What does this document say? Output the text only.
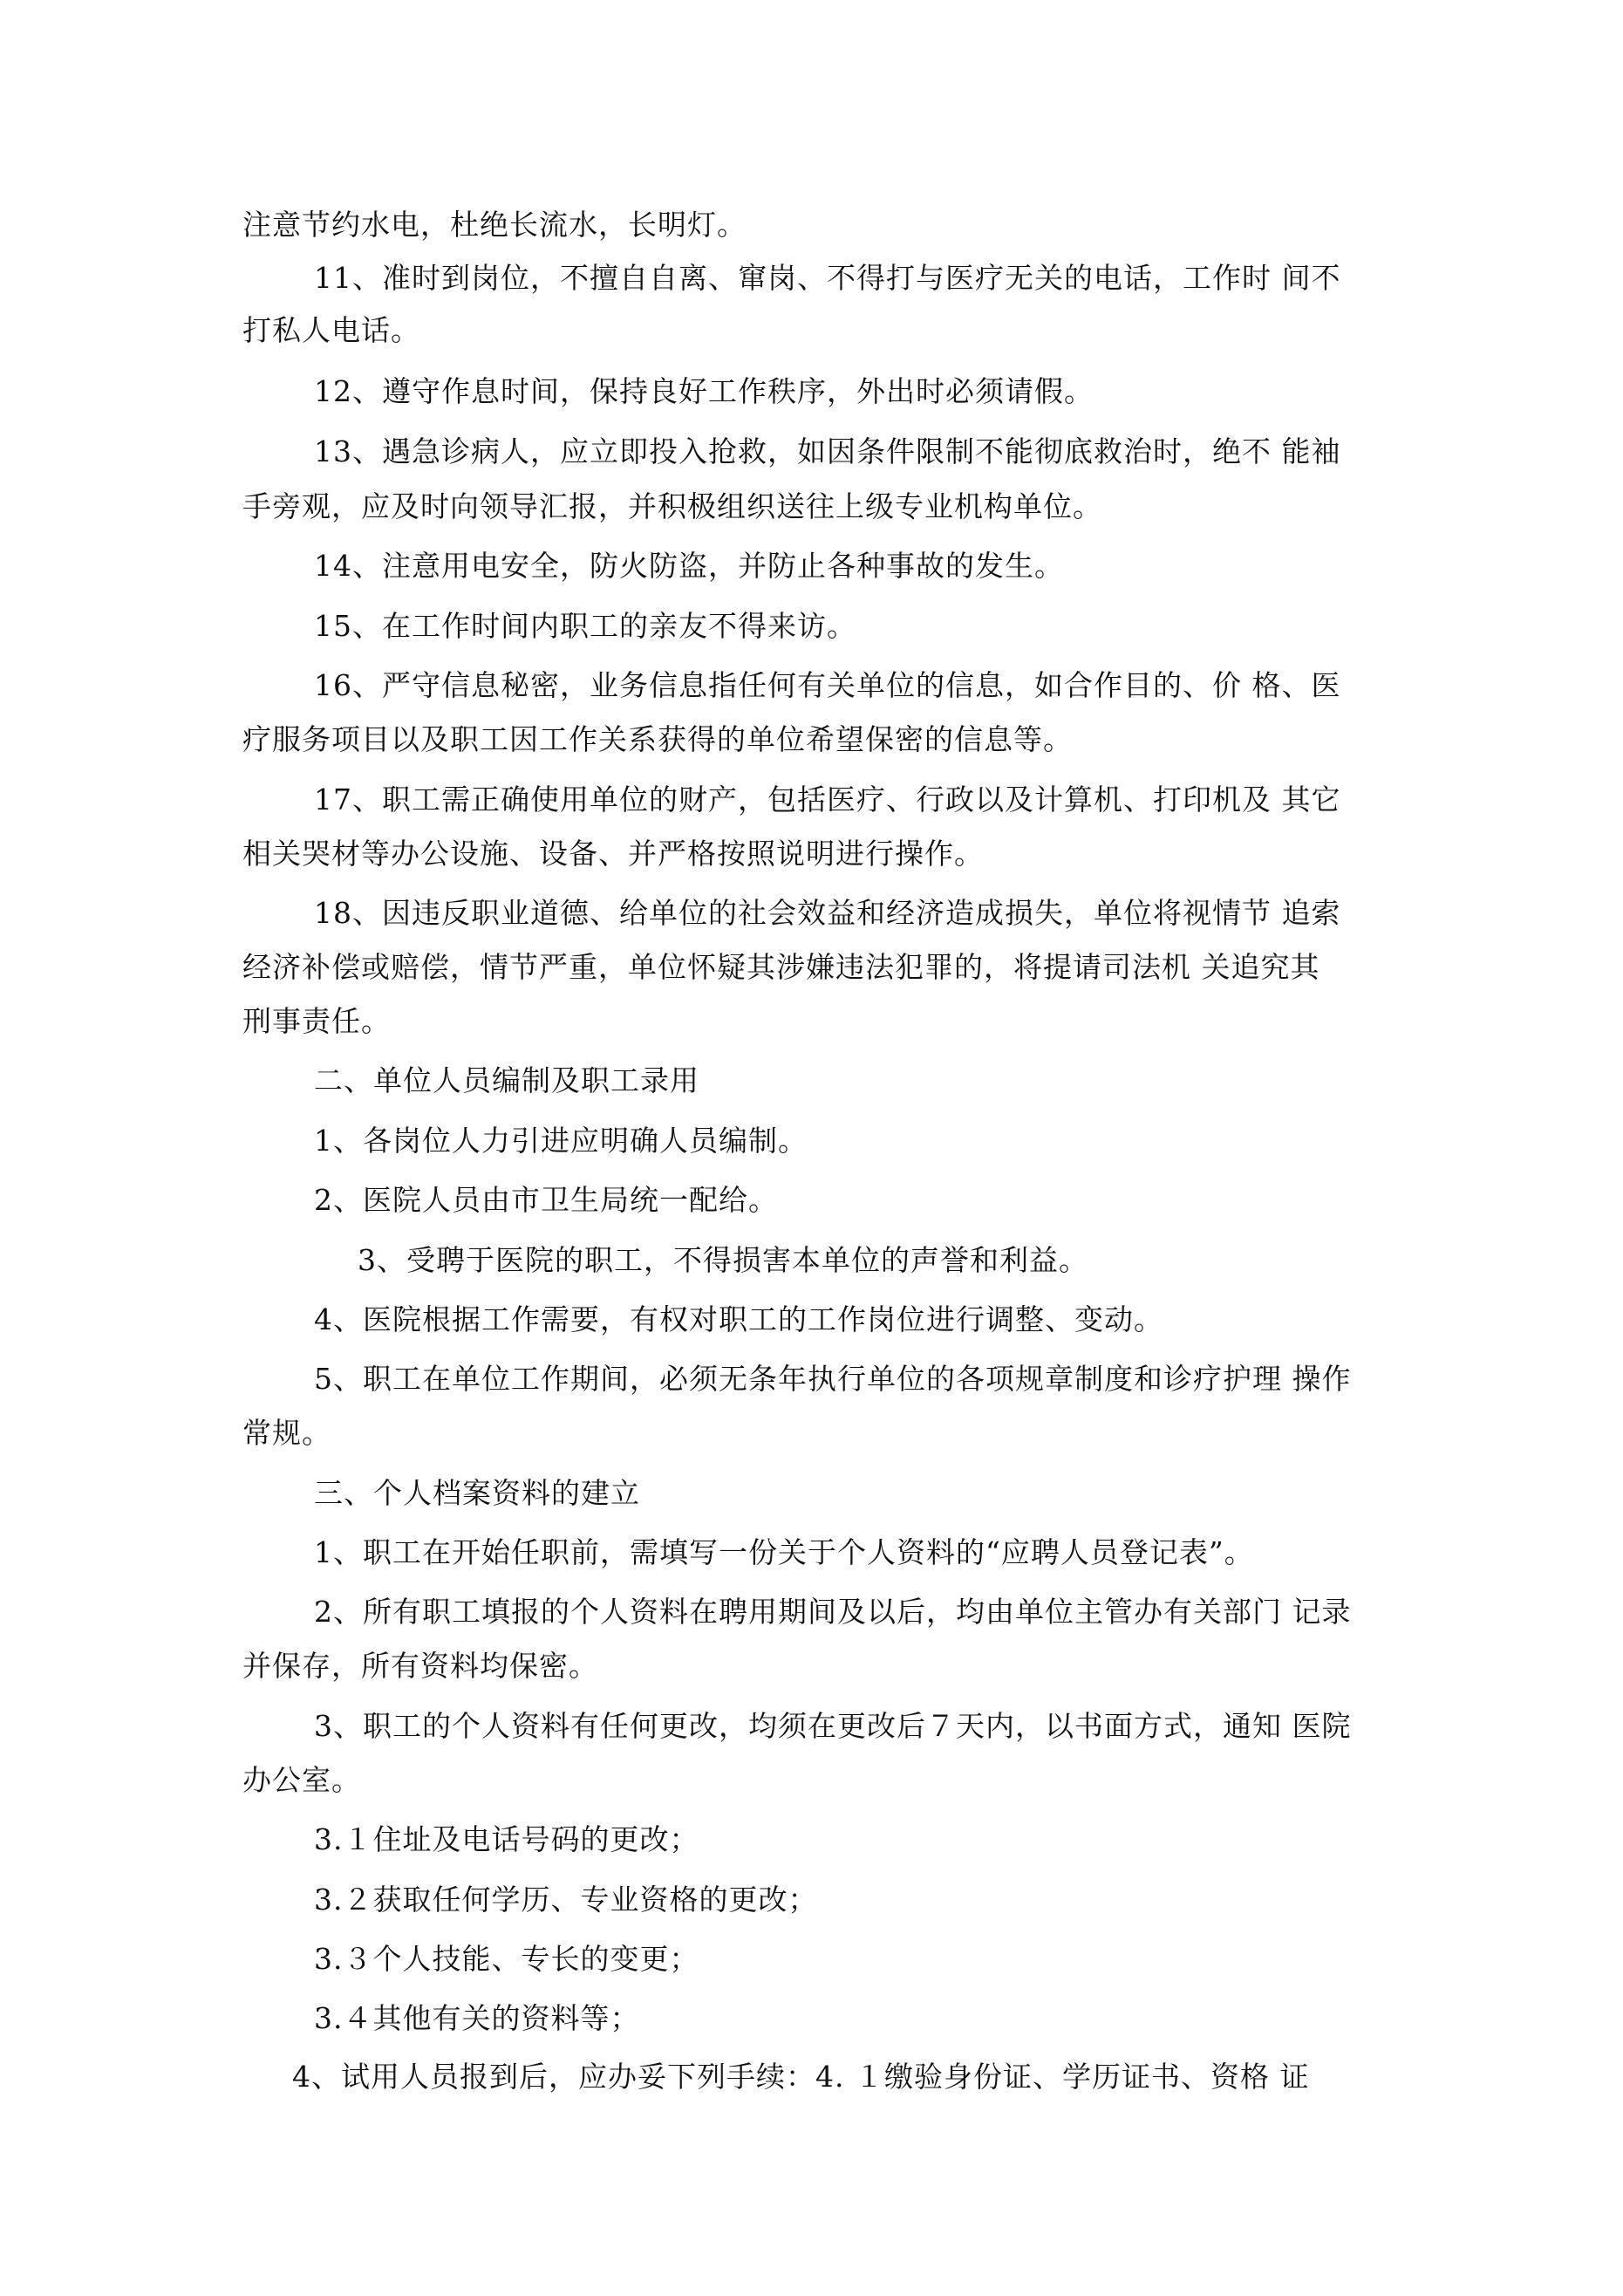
注意节约水电，杜绝长流水，长明灯。
11、准时到岗位，不擅自自离、窜岗、不得打与医疗无关的电话，工作时 间不
打私人电话。
12、遵守作息时间，保持良好工作秩序，外出时必须请假。
13、遇急诊病人，应立即投入抢救，如因条件限制不能彻底救治时，绝不 能袖
手旁观，应及时向领导汇报，并积极组织送往上级专业机构单位。
14、注意用电安全，防火防盗，并防止各种事故的发生。
15、在工作时间内职工的亲友不得来访。
16、严守信息秘密，业务信息指任何有关单位的信息，如合作目的、价 格、医
疗服务项目以及职工因工作关系获得的单位希望保密的信息等。
17、职工需正确使用单位的财产，包括医疗、行政以及计算机、打印机及 其它
相关哭材等办公设施、设备、并严格按照说明进行操作。
18、因违反职业道德、给单位的社会效益和经济造成损失，单位将视情节 追索
经济补偿或赔偿，情节严重，单位怀疑其涉嫌违法犯罪的，将提请司法机 关追究其
刑事责任。
二、单位人员编制及职工录用
1、各岗位人力引进应明确人员编制。
2、医院人员由市卫生局统一配给。
3、受聘于医院的职工，不得损害本单位的声誉和利益。
4、医院根据工作需要，有权对职工的工作岗位进行调整、变动。
5、职工在单位工作期间，必须无条年执行单位的各项规章制度和诊疗护理 操作
常规。
三、个人档案资料的建立
1、职工在开始任职前，需填写一份关于个人资料的“应聘人员登记表”。
2、所有职工填报的个人资料在聘用期间及以后，均由单位主管办有关部门 记录
并保存，所有资料均保密。
3、职工的个人资料有任何更改，均须在更改后７天内，以书面方式，通知 医院
办公室。
3.１住址及电话号码的更改；
3.２获取任何学历、专业资格的更改；
3.３个人技能、专长的变更；
3.４其他有关的资料等；
4、试用人员报到后，应办妥下列手续：4. １缴验身份证、学历证书、资格 证
